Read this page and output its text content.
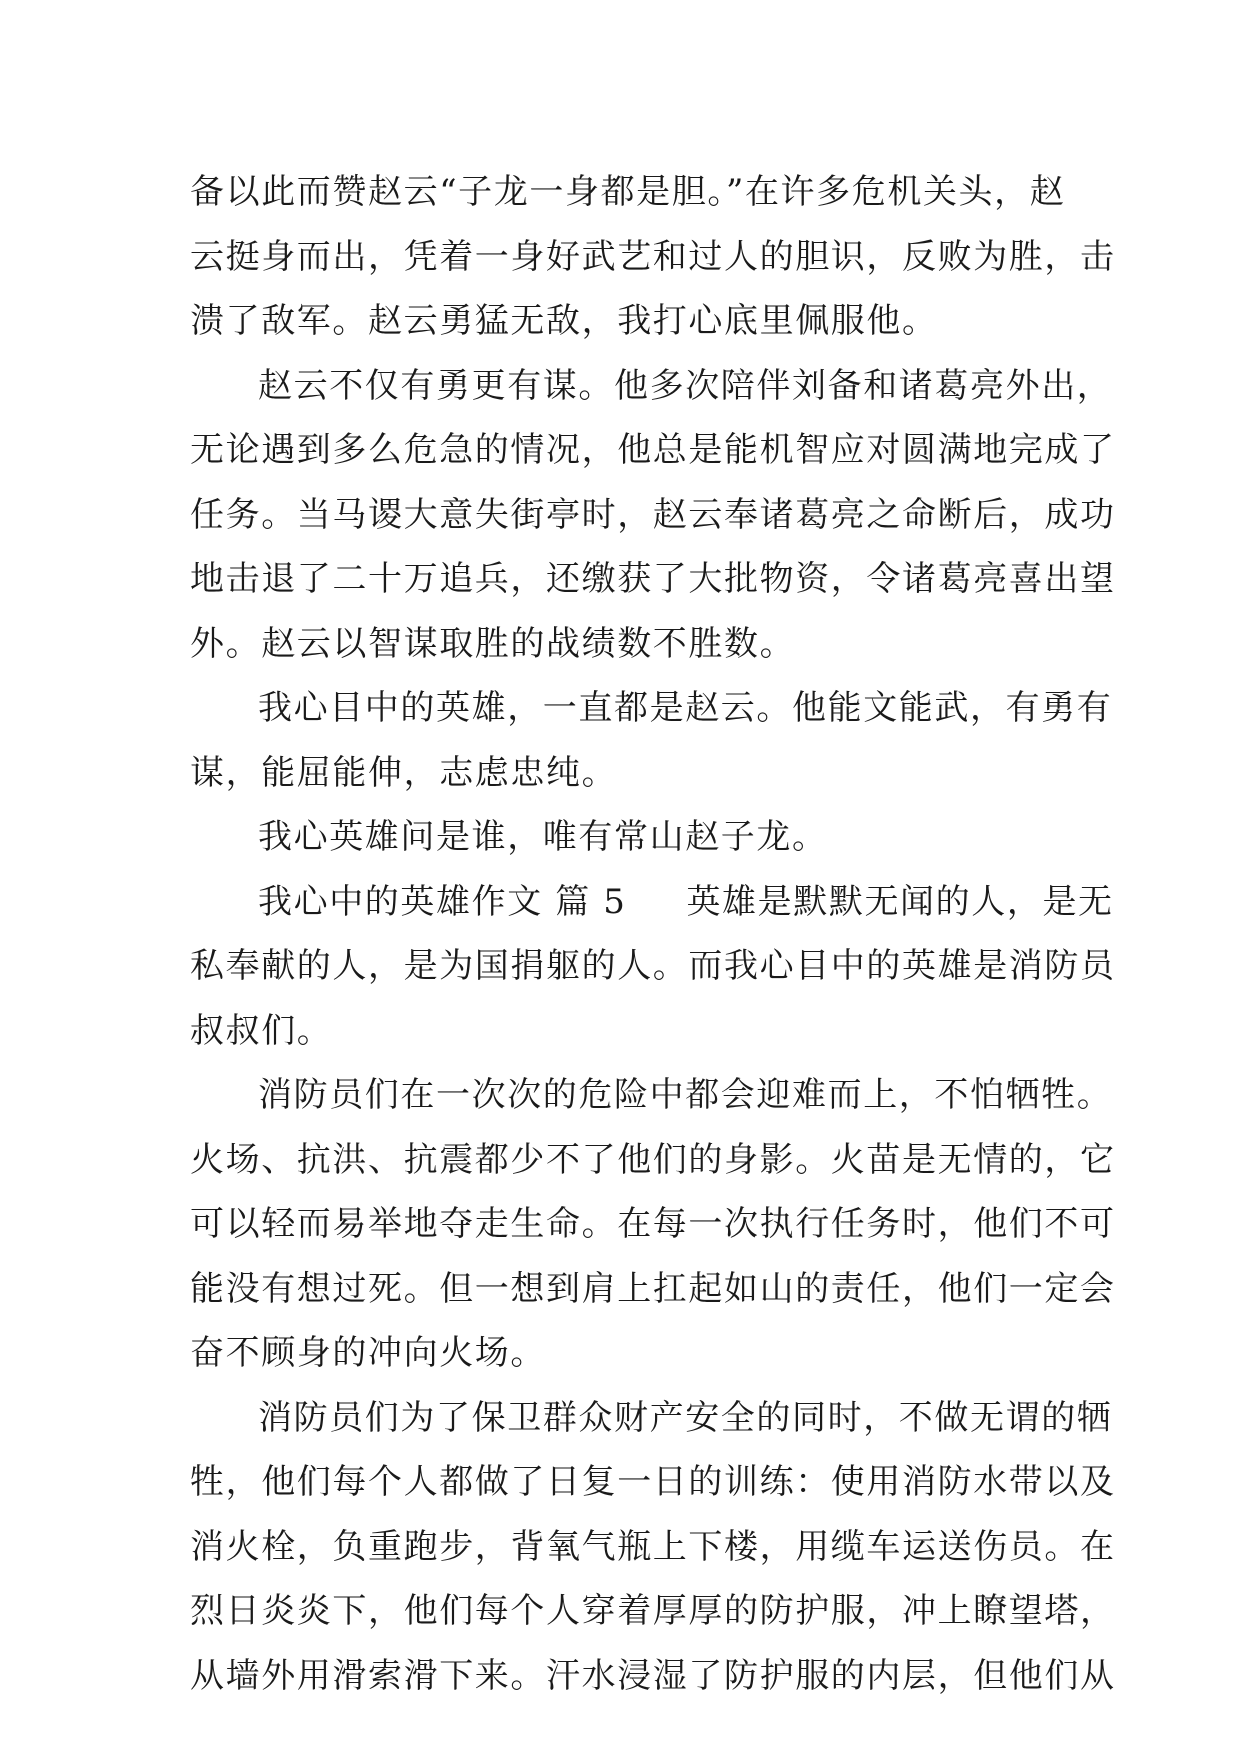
备以此而赞赵云“子龙一身都是胆。”在许多危机关头，赵
云挺身而出，凭着一身好武艺和过人的胆识，反败为胜，击
溃了敌军。赵云勇猛无敌，我打心底里佩服他。
赵云不仅有勇更有谋。他多次陪伴刘备和诸葛亮外出，
无论遇到多么危急的情况，他总是能机智应对圆满地完成了
任务。当马谡大意失街亭时，赵云奉诸葛亮之命断后，成功
地击退了二十万追兵，还缴获了大批物资，令诸葛亮喜出望
外。赵云以智谋取胜的战绩数不胜数。
我心目中的英雄，一直都是赵云。他能文能武，有勇有
谋，能屈能伸，志虑忠纯。
我心英雄问是谁，唯有常山赵子龙。
我心中的英雄作文 篇 5 英雄是默默无闻的人，是无
私奉献的人，是为国捐躯的人。而我心目中的英雄是消防员
叔叔们。
消防员们在一次次的危险中都会迎难而上，不怕牺牲。
火场、抗洪、抗震都少不了他们的身影。火苗是无情的，它
可以轻而易举地夺走生命。在每一次执行任务时，他们不可
能没有想过死。但一想到肩上扛起如山的责任，他们一定会
奋不顾身的冲向火场。
消防员们为了保卫群众财产安全的同时，不做无谓的牺
牲，他们每个人都做了日复一日的训练：使用消防水带以及
消火栓，负重跑步，背氧气瓶上下楼，用缆车运送伤员。在
烈日炎炎下，他们每个人穿着厚厚的防护服，冲上瞭望塔，
从墙外用滑索滑下来。汗水浸湿了防护服的内层，但他们从
